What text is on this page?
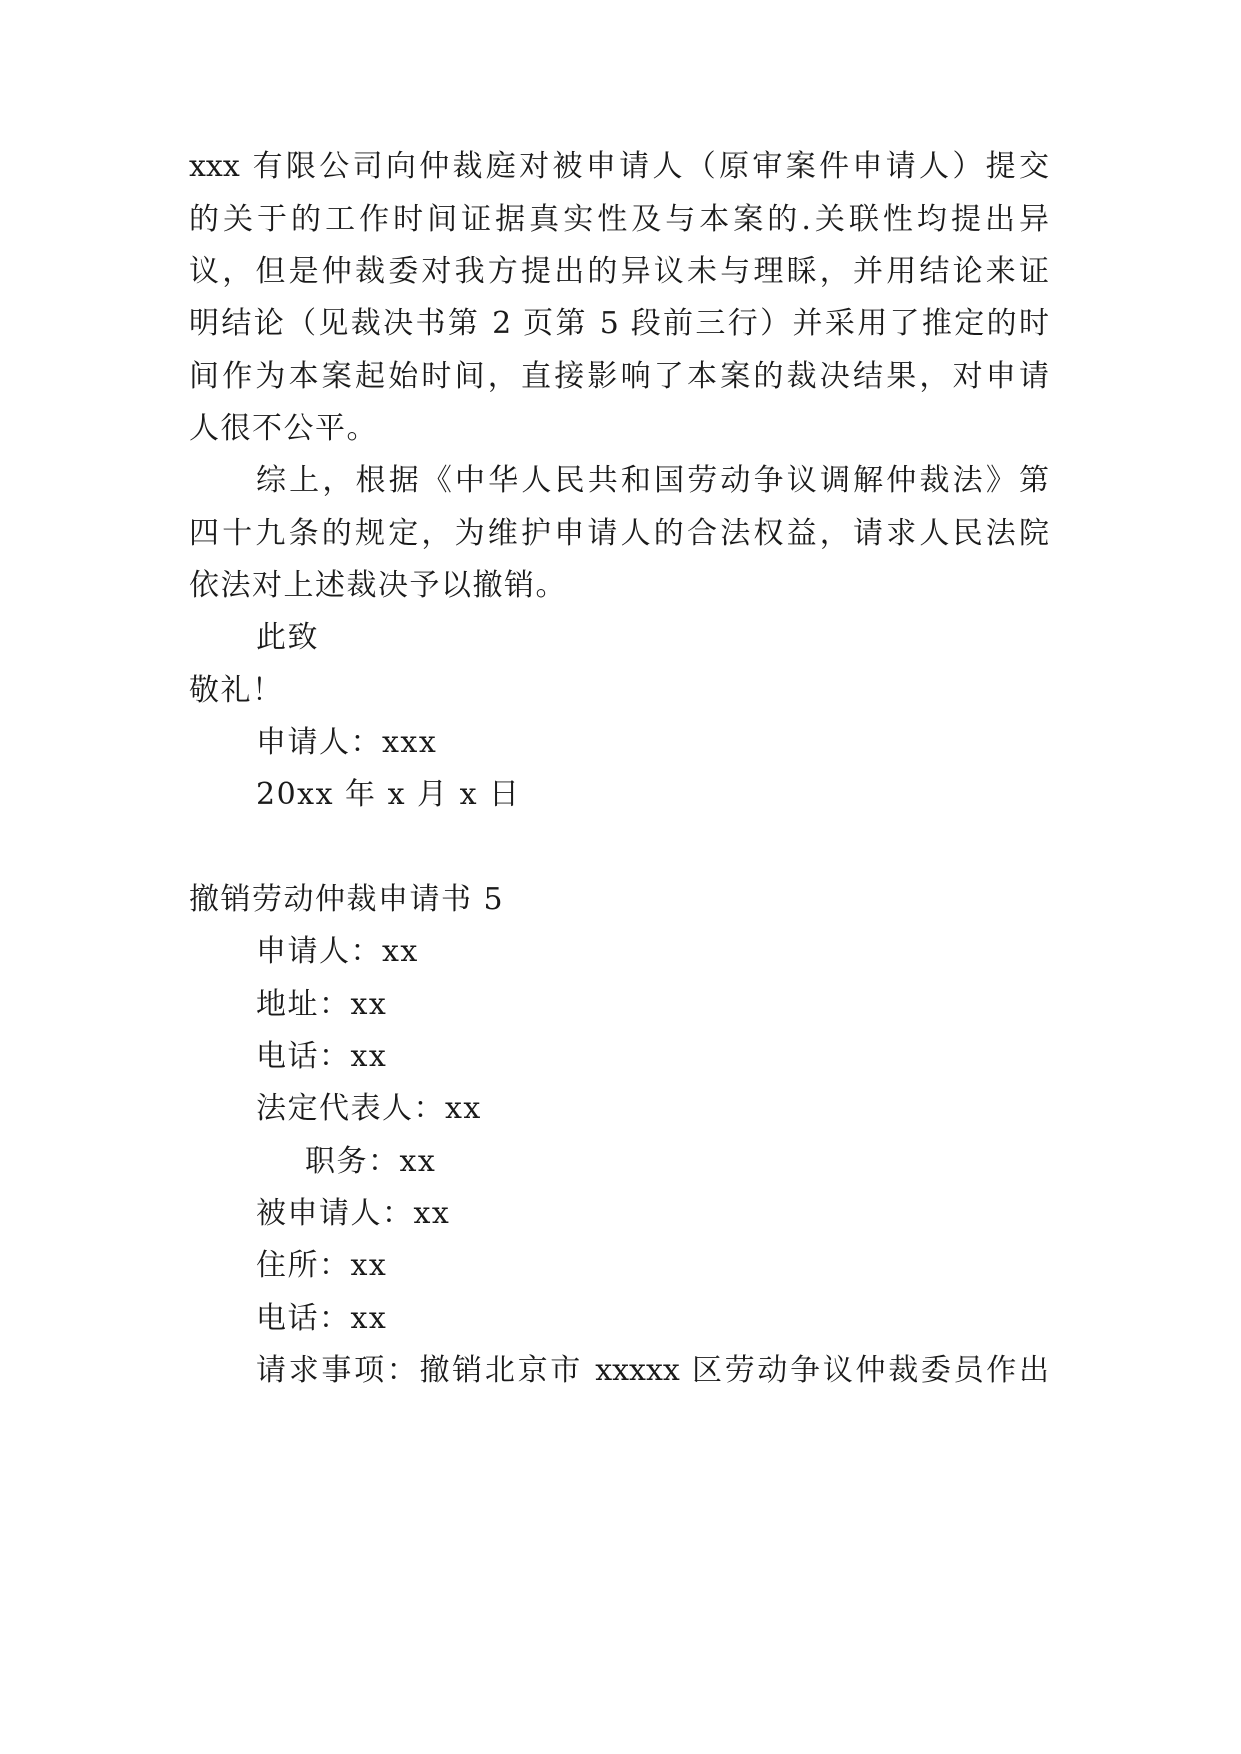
xxx 有限公司向仲裁庭对被申请人（原审案件申请人）提交
的关于的工作时间证据真实性及与本案的.关联性均提出异
议，但是仲裁委对我方提出的异议未与理睬，并用结论来证
明结论（见裁决书第 2 页第 5 段前三行）并采用了推定的时
间作为本案起始时间，直接影响了本案的裁决结果，对申请
人很不公平。
综上，根据《中华人民共和国劳动争议调解仲裁法》第
四十九条的规定，为维护申请人的合法权益，请求人民法院
依法对上述裁决予以撤销。
此致
敬礼！
申请人：xxx
20xx 年 x 月 x 日
撤销劳动仲裁申请书 5
申请人：xx
地址：xx
电话：xx
法定代表人：xx
职务：xx
被申请人：xx
住所：xx
电话：xx
请求事项：撤销北京市 xxxxx 区劳动争议仲裁委员作出
